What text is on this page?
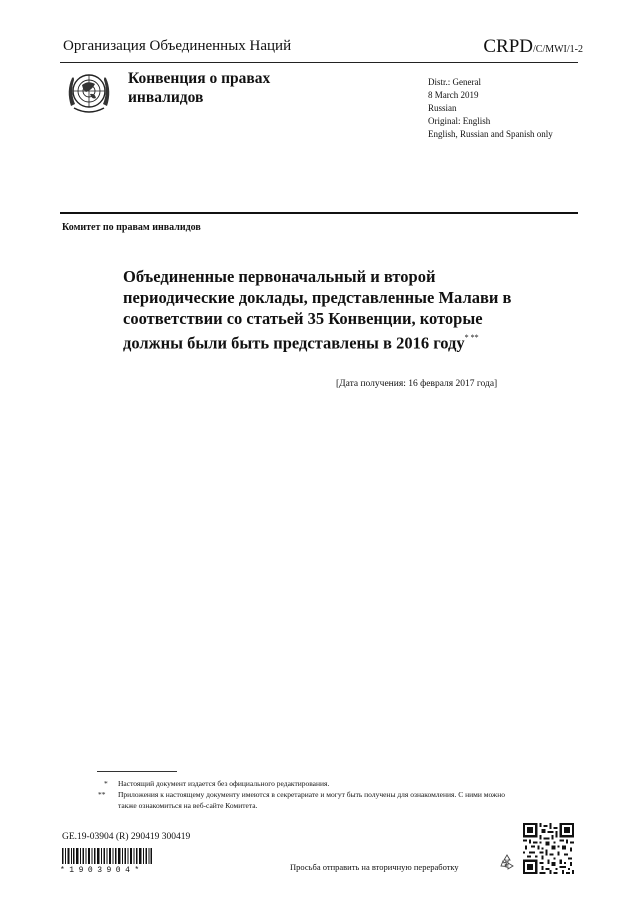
Организация Объединенных Наций	CRPD/C/MWI/1-2
Конвенция о правах инвалидов
Distr.: General
8 March 2019
Russian
Original: English
English, Russian and Spanish only
Комитет по правам инвалидов
Объединенные первоначальный и второй периодические доклады, представленные Малави в соответствии со статьей 35 Конвенции, которые должны были быть представлены в 2016 году* **
[Дата получения: 16 февраля 2017 года]
* Настоящий документ издается без официального редактирования.
** Приложения к настоящему документу имеются в секретариате и могут быть получены для ознакомления. С ними можно также ознакомиться на веб-сайте Комитета.
GE.19-03904 (R) 290419 300419
*1903904*	Просьба отправить на вторичную переработку
